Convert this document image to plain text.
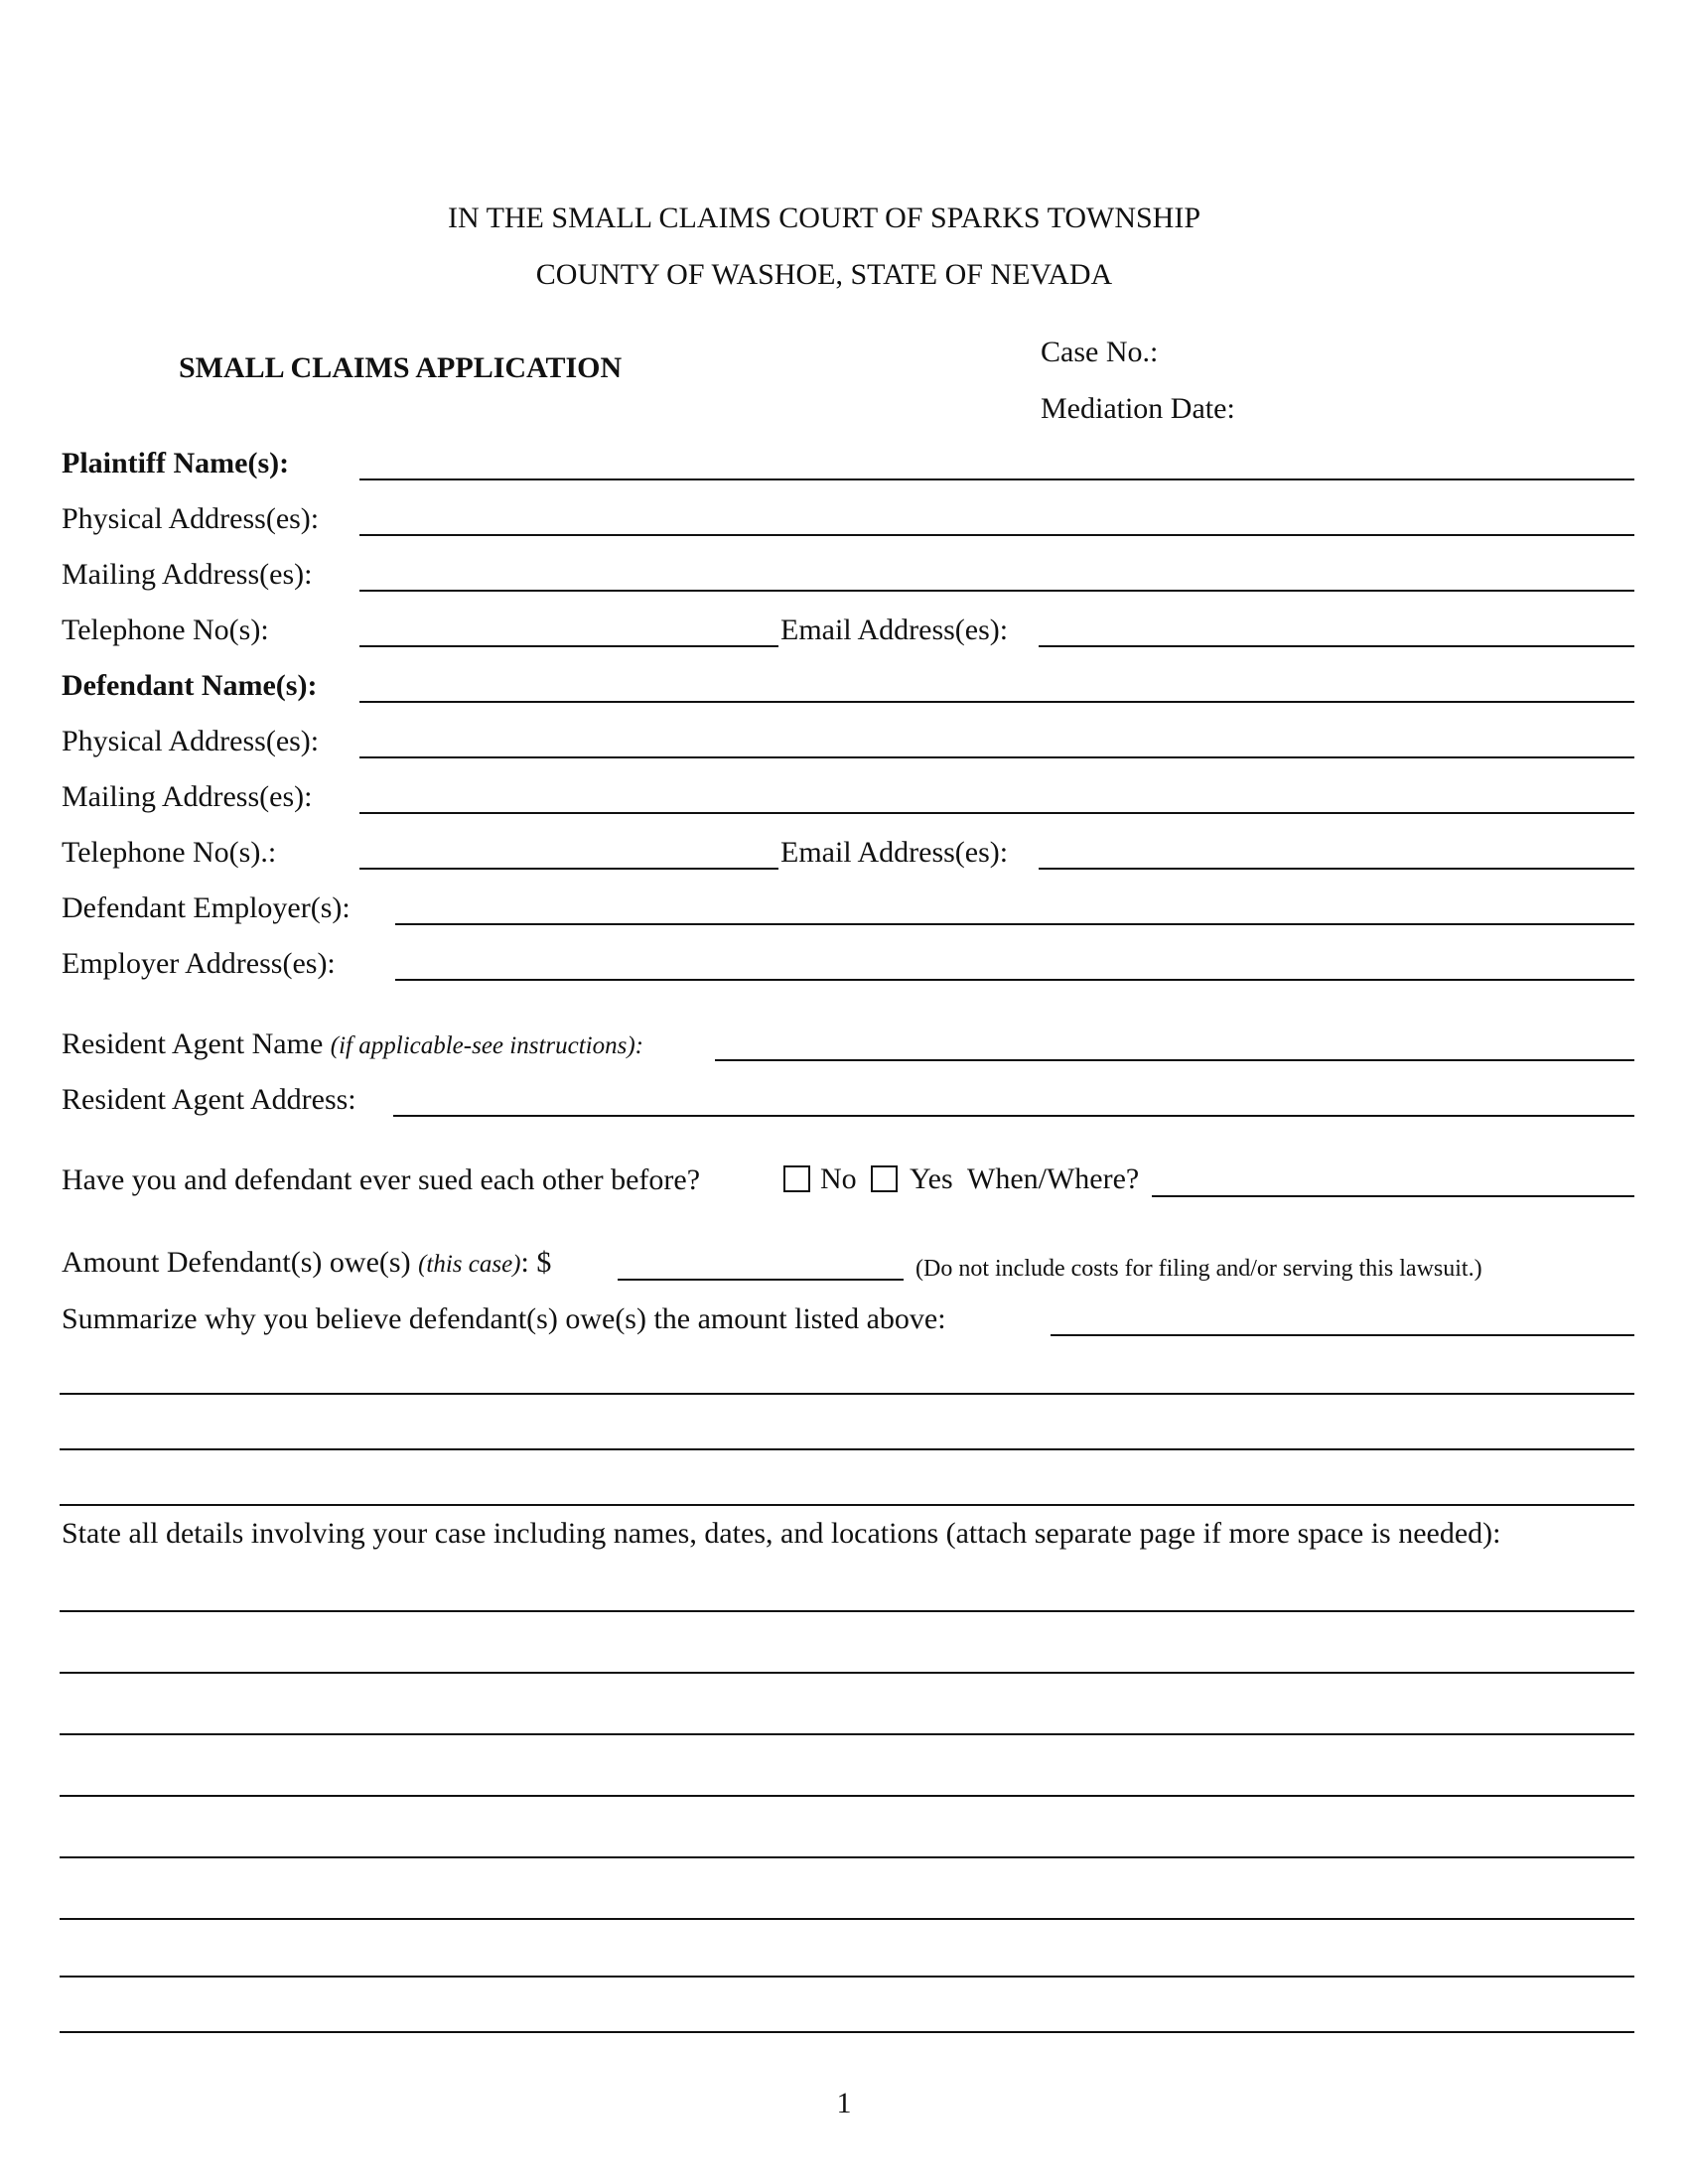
IN THE SMALL CLAIMS COURT OF SPARKS TOWNSHIP
COUNTY OF WASHOE, STATE OF NEVADA
SMALL CLAIMS APPLICATION	Case No.:
Mediation Date:
Plaintiff Name(s):
Physical Address(es):
Mailing Address(es):
Telephone No(s):	Email Address(es):
Defendant Name(s):
Physical Address(es):
Mailing Address(es):
Telephone No(s).:	Email Address(es):
Defendant Employer(s):
Employer Address(es):
Resident Agent Name (if applicable-see instructions):
Resident Agent Address:
Have you and defendant ever sued each other before?	No Yes When/Where?
Amount Defendant(s) owe(s) (this case): $	(Do not include costs for filing and/or serving this lawsuit.)
Summarize why you believe defendant(s) owe(s) the amount listed above:
State all details involving your case including names, dates, and locations (attach separate page if more space is needed):
1
